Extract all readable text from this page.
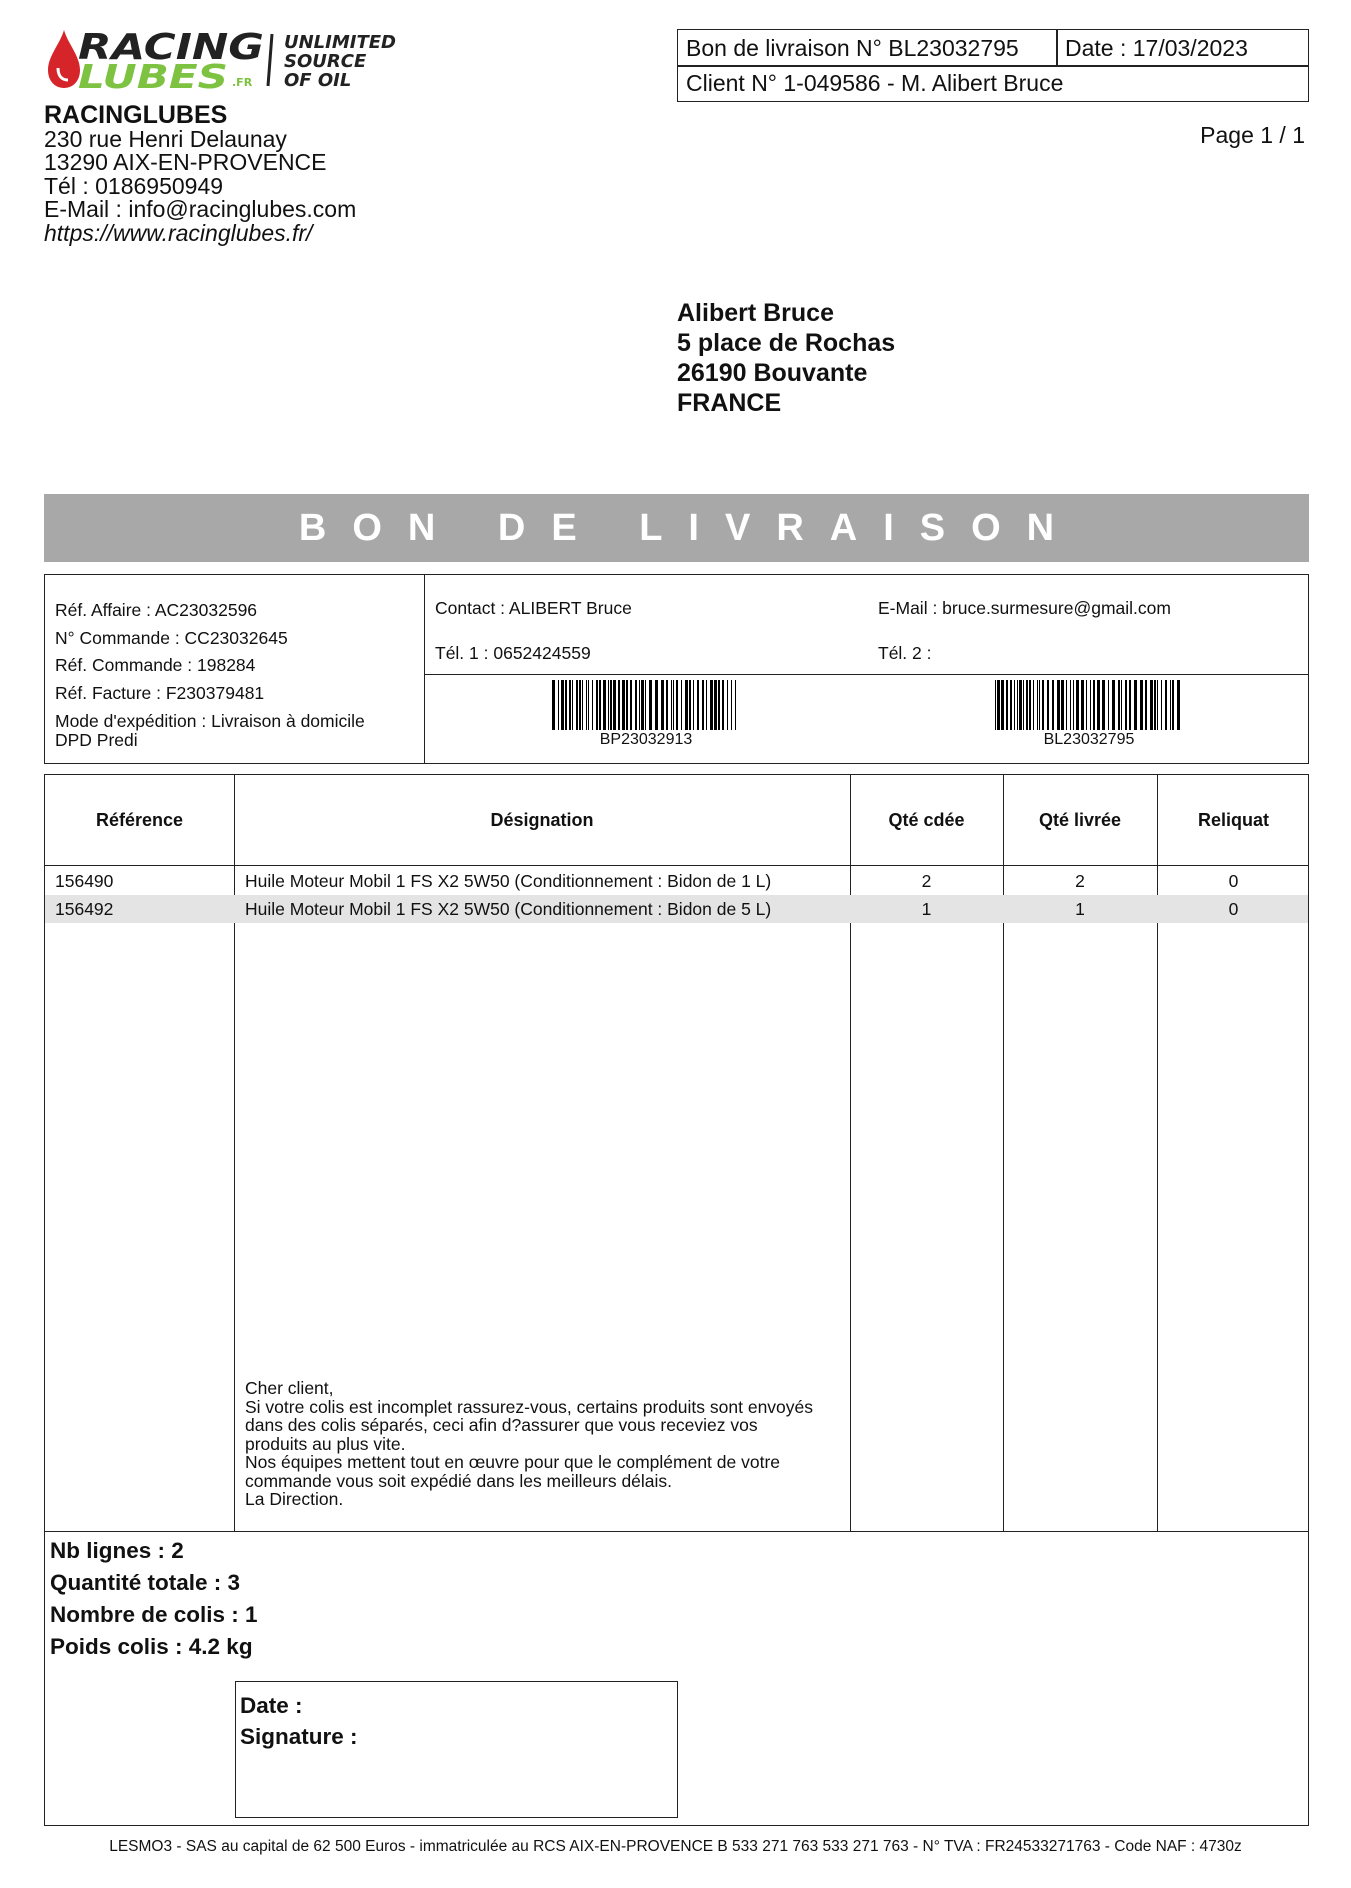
RACING
LUBES .FR
UNLIMITED
SOURCE
OF OIL
RACINGLUBES
230 rue Henri Delaunay
13290 AIX-EN-PROVENCE
Tél : 0186950949
E-Mail : info@racinglubes.com
https://www.racinglubes.fr/
Bon de livraison N° BL23032795 Date : 17/03/2023
Client N° 1-049586 - M. Alibert Bruce
Page 1 / 1
Alibert Bruce
5 place de Rochas
26190 Bouvante
FRANCE
BON DE LIVRAISON
Réf. Affaire : AC23032596
N° Commande : CC23032645
Réf. Commande : 198284
Réf. Facture : F230379481
Mode d'expédition : Livraison à domicile
DPD Predi
Contact : ALIBERT Bruce	E-Mail : bruce.surmesure@gmail.com
Tél. 1 : 0652424559	Tél. 2 :
BP23032913	BL23032795
Référence	Désignation	Qté cdée	Qté livrée	Reliquat
156490	Huile Moteur Mobil 1 FS X2 5W50 (Conditionnement : Bidon de 1 L)	2	2	0
156492	Huile Moteur Mobil 1 FS X2 5W50 (Conditionnement : Bidon de 5 L)	1	1	0
Cher client,
Si votre colis est incomplet rassurez-vous, certains produits sont envoyés
dans des colis séparés, ceci afin d?assurer que vous receviez vos
produits au plus vite.
Nos équipes mettent tout en œuvre pour que le complément de votre
commande vous soit expédié dans les meilleurs délais.
La Direction.
Nb lignes : 2
Quantité totale : 3
Nombre de colis : 1
Poids colis : 4.2 kg
Date :
Signature :
LESMO3 - SAS au capital de 62 500 Euros - immatriculée au RCS AIX-EN-PROVENCE B 533 271 763 533 271 763 - N° TVA : FR24533271763 - Code NAF : 4730z
